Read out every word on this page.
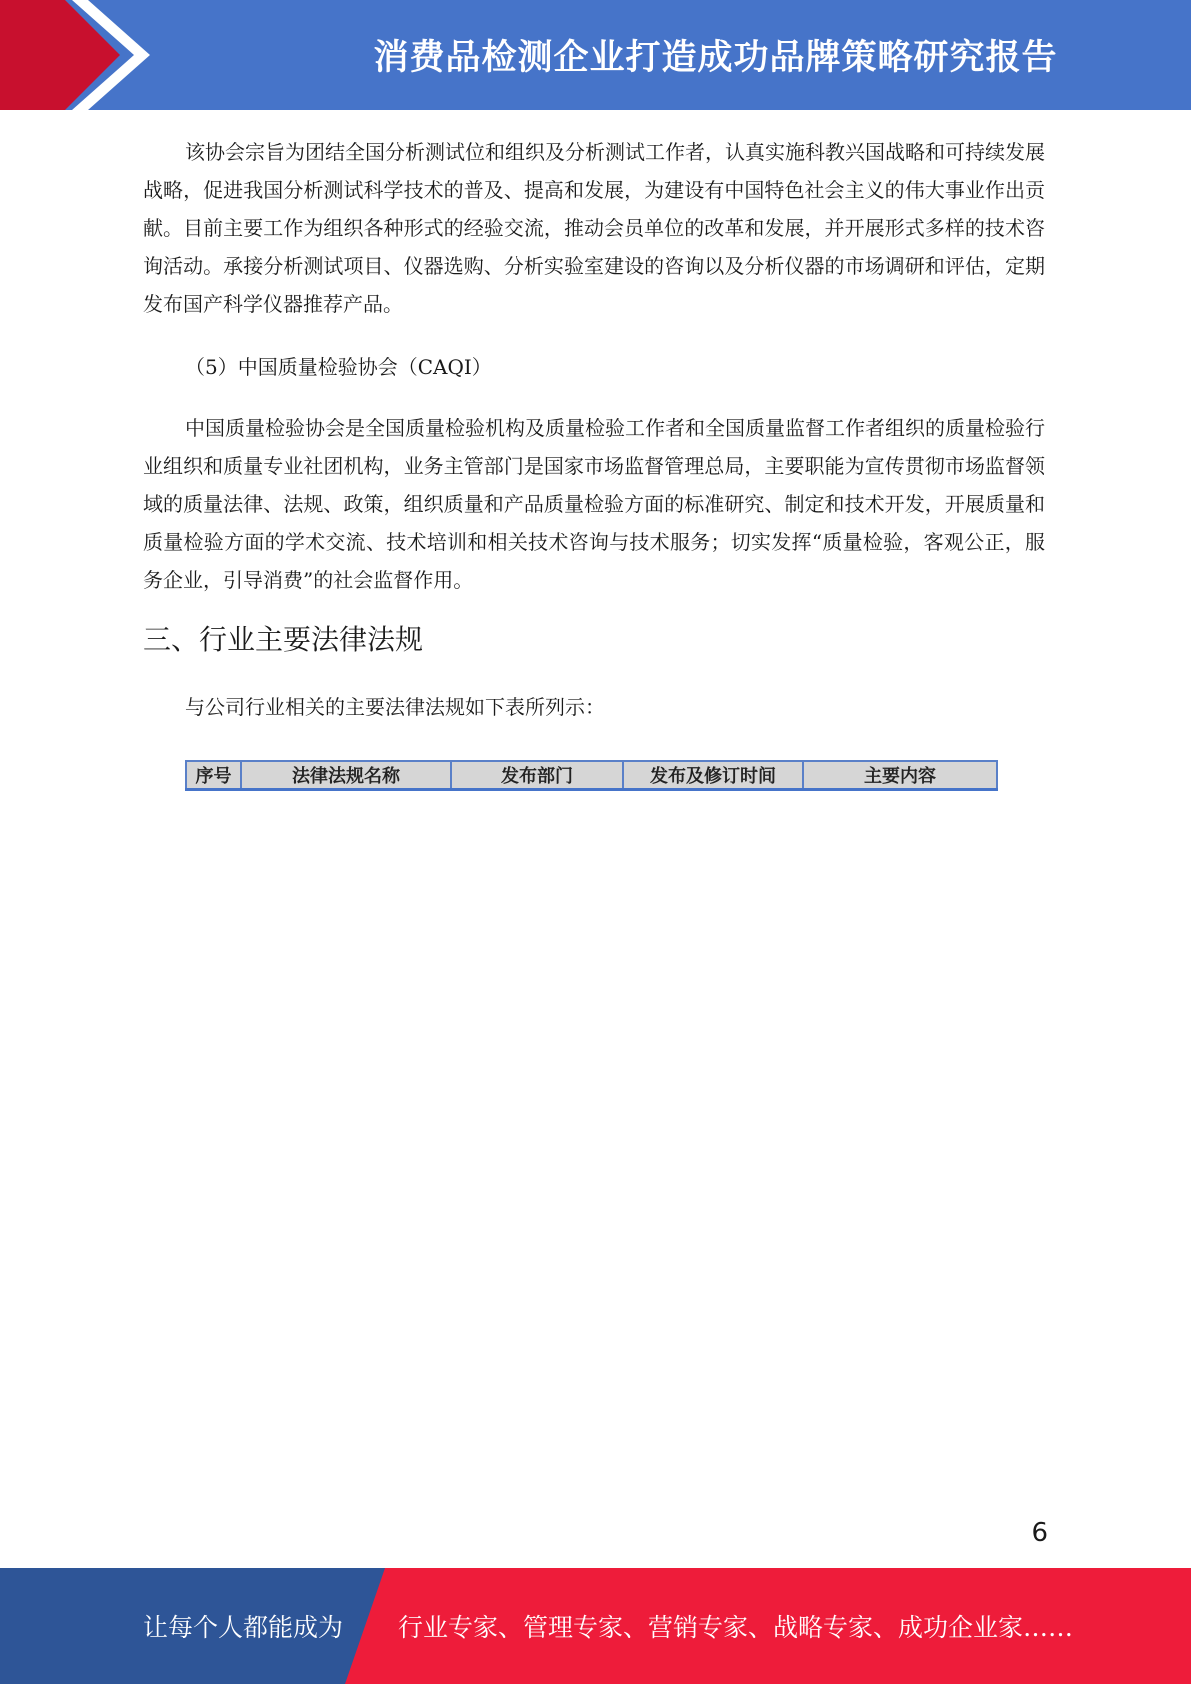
消费品检测企业打造成功品牌策略研究报告

该协会宗旨为团结全国分析测试位和组织及分析测试工作者，认真实施科教兴国战略和可持续发展战略，促进我国分析测试科学技术的普及、提高和发展，为建设有中国特色社会主义的伟大事业作出贡献。目前主要工作为组织各种形式的经验交流，推动会员单位的改革和发展，并开展形式多样的技术咨询活动。承接分析测试项目、仪器选购、分析实验室建设的咨询以及分析仪器的市场调研和评估，定期发布国产科学仪器推荐产品。

（5）中国质量检验协会（CAQI）

中国质量检验协会是全国质量检验机构及质量检验工作者和全国质量监督工作者组织的质量检验行业组织和质量专业社团机构，业务主管部门是国家市场监督管理总局，主要职能为宣传贯彻市场监督领域的质量法律、法规、政策，组织质量和产品质量检验方面的标准研究、制定和技术开发，开展质量和质量检验方面的学术交流、技术培训和相关技术咨询与技术服务；切实发挥“质量检验，客观公正，服务企业，引导消费”的社会监督作用。

三、行业主要法律法规
与公司行业相关的主要法律法规如下表所列示：
序号	法律法规名称	发布部门	发布及修订时间	主要内容
6
让每个人都能成为 行业专家、管理专家、营销专家、战略专家、成功企业家……
